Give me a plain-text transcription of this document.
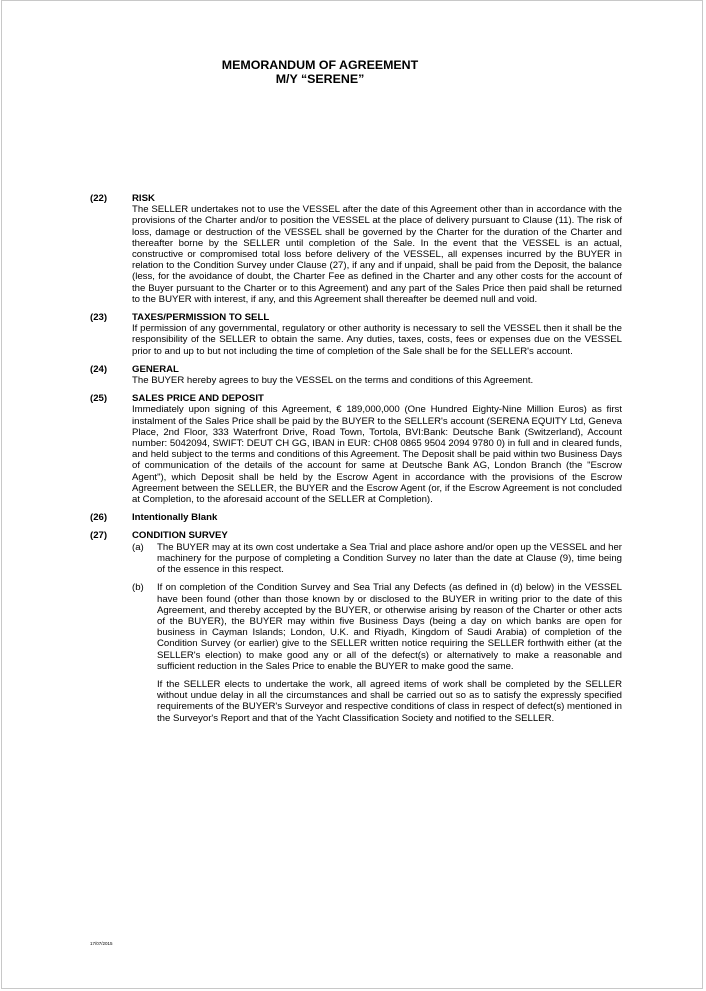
MEMORANDUM OF AGREEMENT
M/Y “SERENE”
(22)	RISK
The SELLER undertakes not to use the VESSEL after the date of this Agreement other than in accordance with the provisions of the Charter and/or to position the VESSEL at the place of delivery pursuant to Clause (11). The risk of loss, damage or destruction of the VESSEL shall be governed by the Charter for the duration of the Charter and thereafter borne by the SELLER until completion of the Sale. In the event that the VESSEL is an actual, constructive or compromised total loss before delivery of the VESSEL, all expenses incurred by the BUYER in relation to the Condition Survey under Clause (27), if any and if unpaid, shall be paid from the Deposit, the balance (less, for the avoidance of doubt, the Charter Fee as defined in the Charter and any other costs for the account of the Buyer pursuant to the Charter or to this Agreement) and any part of the Sales Price then paid shall be returned to the BUYER with interest, if any, and this Agreement shall thereafter be deemed null and void.
(23)	TAXES/PERMISSION TO SELL
If permission of any governmental, regulatory or other authority is necessary to sell the VESSEL then it shall be the responsibility of the SELLER to obtain the same. Any duties, taxes, costs, fees or expenses due on the VESSEL prior to and up to but not including the time of completion of the Sale shall be for the SELLER's account.
(24)	GENERAL
The BUYER hereby agrees to buy the VESSEL on the terms and conditions of this Agreement.
(25)	SALES PRICE AND DEPOSIT
Immediately upon signing of this Agreement, € 189,000,000 (One Hundred Eighty-Nine Million Euros) as first instalment of the Sales Price shall be paid by the BUYER to the SELLER's account (SERENA EQUITY Ltd, Geneva Place, 2nd Floor, 333 Waterfront Drive, Road Town, Tortola, BVI:Bank: Deutsche Bank (Switzerland), Account number: 5042094, SWIFT: DEUT CH GG, IBAN in EUR: CH08 0865 9504 2094 9780 0) in full and in cleared funds, and held subject to the terms and conditions of this Agreement. The Deposit shall be paid within two Business Days of communication of the details of the account for same at Deutsche Bank AG, London Branch (the "Escrow Agent"), which Deposit shall be held by the Escrow Agent in accordance with the provisions of the Escrow Agreement between the SELLER, the BUYER and the Escrow Agent (or, if the Escrow Agreement is not concluded at Completion, to the aforesaid account of the SELLER at Completion).
(26)	Intentionally Blank
(27)	CONDITION SURVEY
(a) The BUYER may at its own cost undertake a Sea Trial and place ashore and/or open up the VESSEL and her machinery for the purpose of completing a Condition Survey no later than the date at Clause (9), time being of the essence in this respect.
(b) If on completion of the Condition Survey and Sea Trial any Defects (as defined in (d) below) in the VESSEL have been found (other than those known by or disclosed to the BUYER in writing prior to the date of this Agreement, and thereby accepted by the BUYER, or otherwise arising by reason of the Charter or other acts of the BUYER), the BUYER may within five Business Days (being a day on which banks are open for business in Cayman Islands; London, U.K. and Riyadh, Kingdom of Saudi Arabia) of completion of the Condition Survey (or earlier) give to the SELLER written notice requiring the SELLER forthwith either (at the SELLER's election) to make good any or all of the defect(s) or alternatively to make a reasonable and sufficient reduction in the Sales Price to enable the BUYER to make good the same.
If the SELLER elects to undertake the work, all agreed items of work shall be completed by the SELLER without undue delay in all the circumstances and shall be carried out so as to satisfy the expressly specified requirements of the BUYER's Surveyor and respective conditions of class in respect of defect(s) mentioned in the Surveyor's Report and that of the Yacht Classification Society and notified to the SELLER.
17/07/2015
